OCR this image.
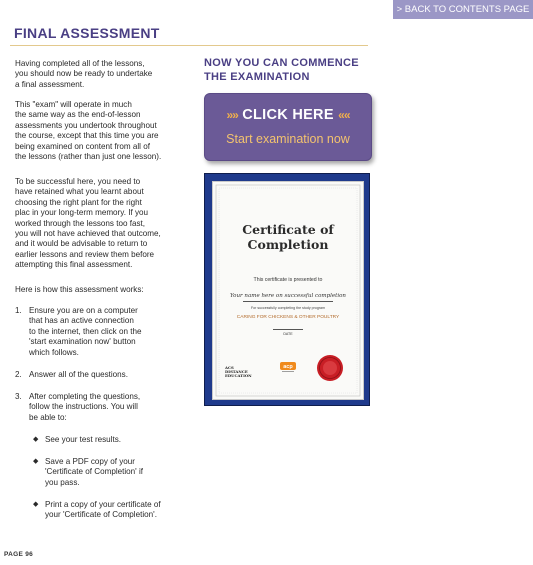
> BACK TO CONTENTS PAGE
FINAL ASSESSMENT

Having completed all of the lessons,
you should now be ready to undertake
a final assessment.

This "exam" will operate in much
the same way as the end-of-lesson
assessments you undertook throughout
the course, except that this time you are
being examined on content from all of
the lessons (rather than just one lesson).

To be successful here, you need to
have retained what you learnt about
choosing the right plant for the right
plac in your long-term memory. If you
worked through the lessons too fast,
you will not have achieved that outcome,
and it would be advisable to return to
earlier lessons and review them before
attempting this final assessment.

Here is how this assessment works:

1. Ensure you are on a computer
that has an active connection
to the internet, then click on the
'start examination now' button
which follows.
2. Answer all of the questions.
3. After completing the questions,
follow the instructions. You will
be able to:
◆ See your test results.
◆ Save a PDF copy of your
'Certificate of Completion' if
you pass.
◆ Print a copy of your certificate of
your 'Certificate of Completion'.
NOW YOU CAN COMMENCE
THE EXAMINATION
»» CLICK HERE ««
Start examination now
Certificate of
Completion
This certificate is presented to
Your name here on successful completion
For successfully completing the study program
CARING FOR CHICKENS & OTHER POULTRY
DATE
ACS DISTANCE
EDUCATION
acp
PAGE 96
